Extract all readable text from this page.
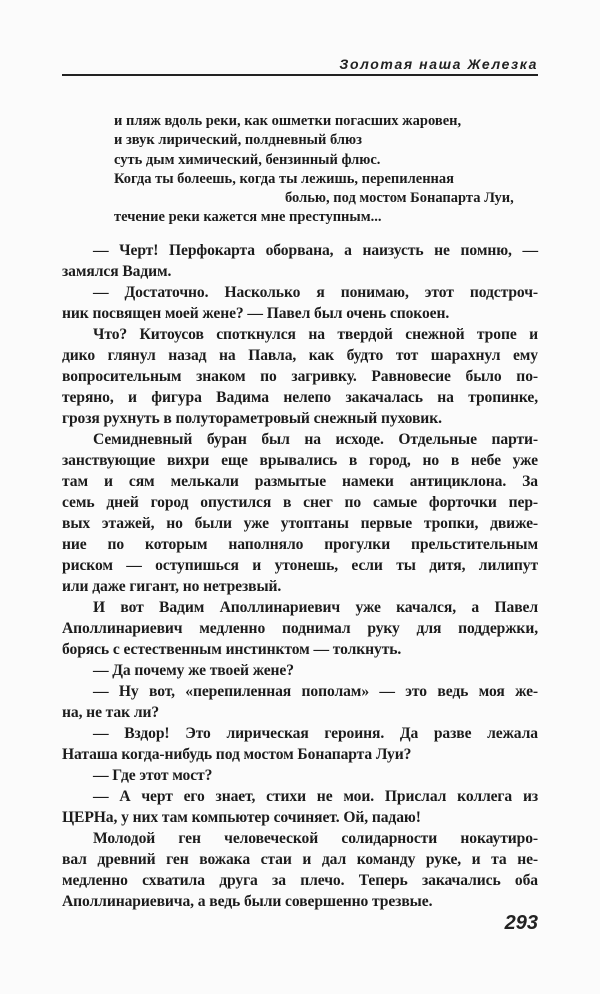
Золотая наша Железка
и пляж вдоль реки, как ошметки погасших жаровен,
и звук лирический, полдневный блюз
суть дым химический, бензинный флюс.
Когда ты болеешь, когда ты лежишь, перепиленная
болью, под мостом Бонапарта Луи,
течение реки кажется мне преступным...
— Черт! Перфокарта оборвана, а наизусть не помню, —
замялся Вадим.
— Достаточно. Насколько я понимаю, этот подстроч-
ник посвящен моей жене? — Павел был очень спокоен.
Что? Китоусов споткнулся на твердой снежной тропе и
дико глянул назад на Павла, как будто тот шарахнул ему
вопросительным знаком по загривку. Равновесие было по-
теряно, и фигура Вадима нелепо закачалась на тропинке,
грозя рухнуть в полутораметровый снежный пуховик.
Семидневный буран был на исходе. Отдельные парти-
занствующие вихри еще врывались в город, но в небе уже
там и сям мелькали размытые намеки антициклона. За
семь дней город опустился в снег по самые форточки пер-
вых этажей, но были уже утоптаны первые тропки, движе-
ние по которым наполняло прогулки прельстительным
риском — оступишься и утонешь, если ты дитя, лилипут
или даже гигант, но нетрезвый.
И вот Вадим Аполлинариевич уже качался, а Павел
Аполлинариевич медленно поднимал руку для поддержки,
борясь с естественным инстинктом — толкнуть.
— Да почему же твоей жене?
— Ну вот, «перепиленная пополам» — это ведь моя же-
на, не так ли?
— Вздор! Это лирическая героиня. Да разве лежала
Наташа когда-нибудь под мостом Бонапарта Луи?
— Где этот мост?
— А черт его знает, стихи не мои. Прислал коллега из
ЦЕРНа, у них там компьютер сочиняет. Ой, падаю!
Молодой ген человеческой солидарности нокаутиро-
вал древний ген вожака стаи и дал команду руке, и та не-
медленно схватила друга за плечо. Теперь закачались оба
Аполлинариевича, а ведь были совершенно трезвые.
293
